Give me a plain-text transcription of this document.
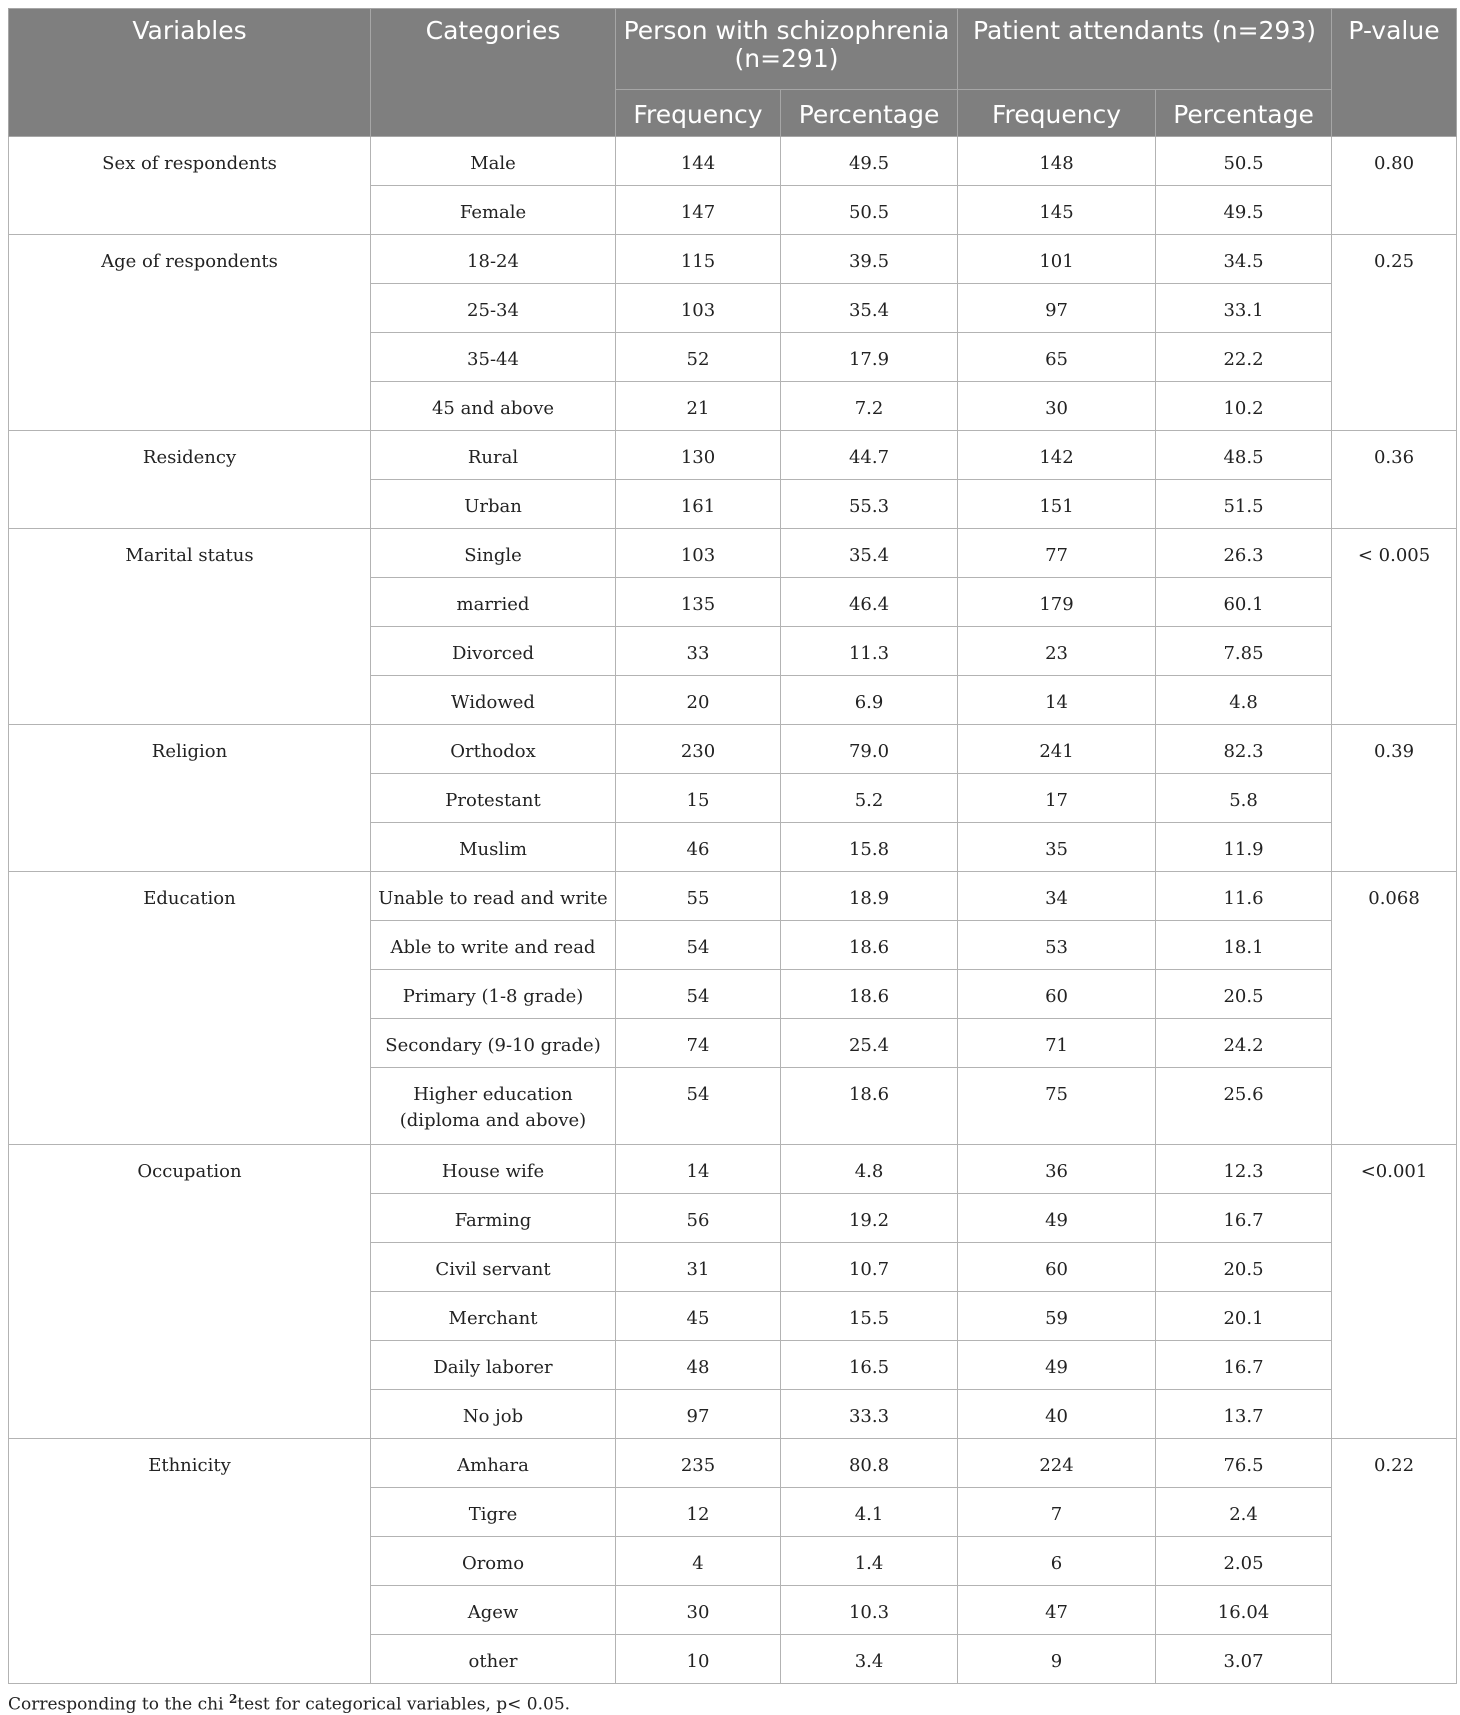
Variables	Categories	Person with schizophrenia (n=291)		Patient attendants (n=293)		P-value
		Frequency	Percentage	Frequency	Percentage	
Sex of respondents	Male	144	49.5	148	50.5	0.80
	Female	147	50.5	145	49.5	
Age of respondents	18-24	115	39.5	101	34.5	0.25
	25-34	103	35.4	97	33.1	
	35-44	52	17.9	65	22.2	
	45 and above	21	7.2	30	10.2	
Residency	Rural	130	44.7	142	48.5	0.36
	Urban	161	55.3	151	51.5	
Marital status	Single	103	35.4	77	26.3	< 0.005
	married	135	46.4	179	60.1	
	Divorced	33	11.3	23	7.85	
	Widowed	20	6.9	14	4.8	
Religion	Orthodox	230	79.0	241	82.3	0.39
	Protestant	15	5.2	17	5.8	
	Muslim	46	15.8	35	11.9	
Education	Unable to read and write	55	18.9	34	11.6	0.068
	Able to write and read	54	18.6	53	18.1	
	Primary (1-8 grade)	54	18.6	60	20.5	
	Secondary (9-10 grade)	74	25.4	71	24.2	
	Higher education (diploma and above)	54	18.6	75	25.6	
Occupation	House wife	14	4.8	36	12.3	<0.001
	Farming	56	19.2	49	16.7	
	Civil servant	31	10.7	60	20.5	
	Merchant	45	15.5	59	20.1	
	Daily laborer	48	16.5	49	16.7	
	No job	97	33.3	40	13.7	
Ethnicity	Amhara	235	80.8	224	76.5	0.22
	Tigre	12	4.1	7	2.4	
	Oromo	4	1.4	6	2.05	
	Agew	30	10.3	47	16.04	
	other	10	3.4	9	3.07	
Corresponding to the chi $^2$test for categorical variables, p< 0.05.
